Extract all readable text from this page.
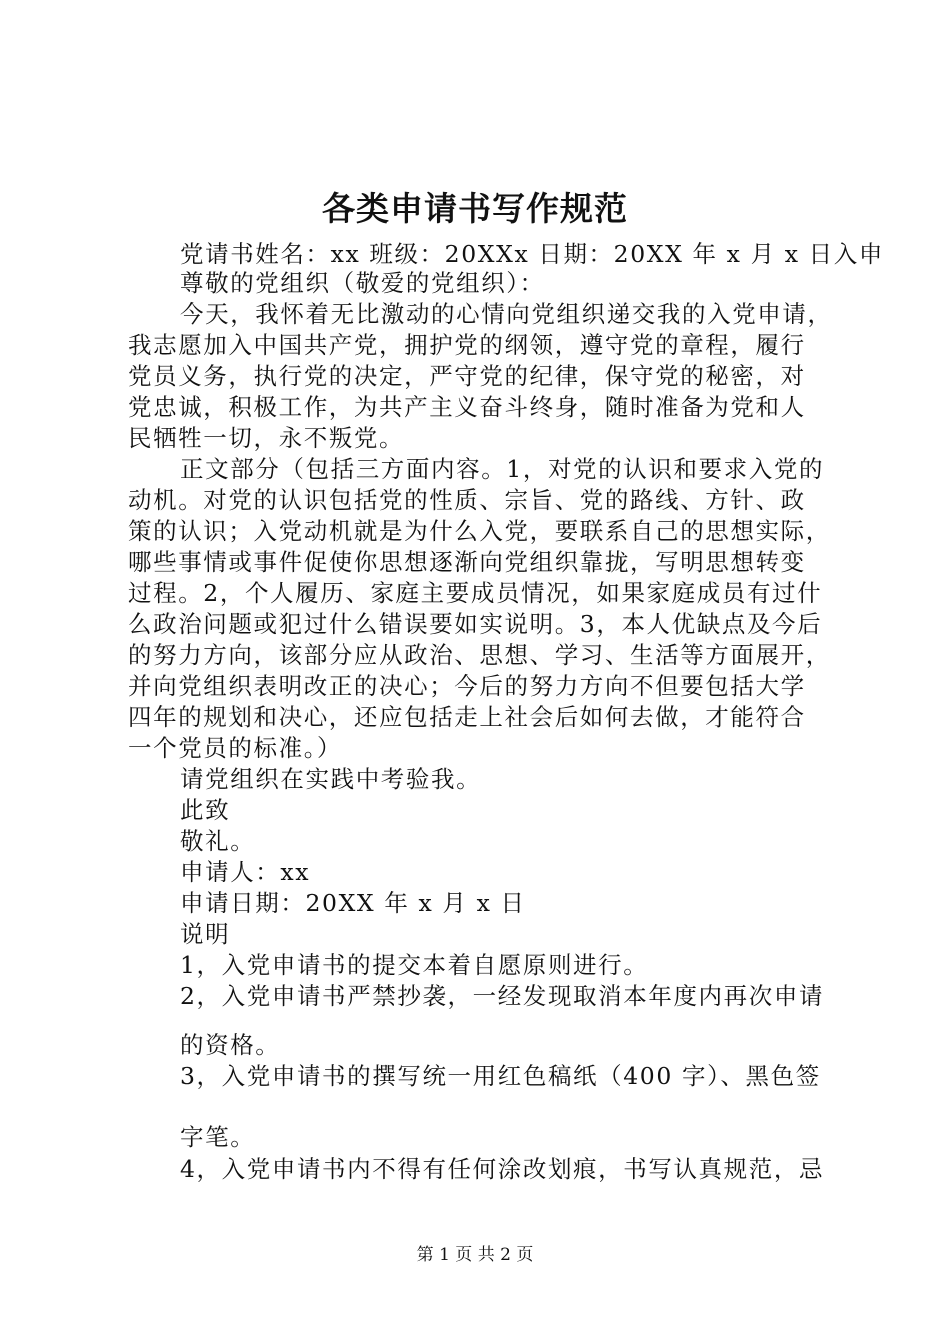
各类申请书写作规范
党请书姓名：xx 班级：20XXx 日期：20XX 年 x 月 x 日入申
尊敬的党组织（敬爱的党组织）：
今天，我怀着无比激动的心情向党组织递交我的入党申请，
我志愿加入中国共产党，拥护党的纲领，遵守党的章程，履行
党员义务，执行党的决定，严守党的纪律，保守党的秘密，对
党忠诚，积极工作，为共产主义奋斗终身，随时准备为党和人
民牺牲一切，永不叛党。
正文部分（包括三方面内容。1，对党的认识和要求入党的
动机。对党的认识包括党的性质、宗旨、党的路线、方针、政
策的认识；入党动机就是为什么入党，要联系自己的思想实际，
哪些事情或事件促使你思想逐渐向党组织靠拢，写明思想转变
过程。2，个人履历、家庭主要成员情况，如果家庭成员有过什
么政治问题或犯过什么错误要如实说明。3，本人优缺点及今后
的努力方向，该部分应从政治、思想、学习、生活等方面展开，
并向党组织表明改正的决心；今后的努力方向不但要包括大学
四年的规划和决心，还应包括走上社会后如何去做，才能符合
一个党员的标准。）
请党组织在实践中考验我。
此致
敬礼。
申请人：xx
申请日期：20XX 年 x 月 x 日
说明
1，入党申请书的提交本着自愿原则进行。
2，入党申请书严禁抄袭，一经发现取消本年度内再次申请
的资格。
3，入党申请书的撰写统一用红色稿纸（400 字）、黑色签
字笔。
4，入党申请书内不得有任何涂改划痕，书写认真规范，忌
第 1 页 共 2 页
